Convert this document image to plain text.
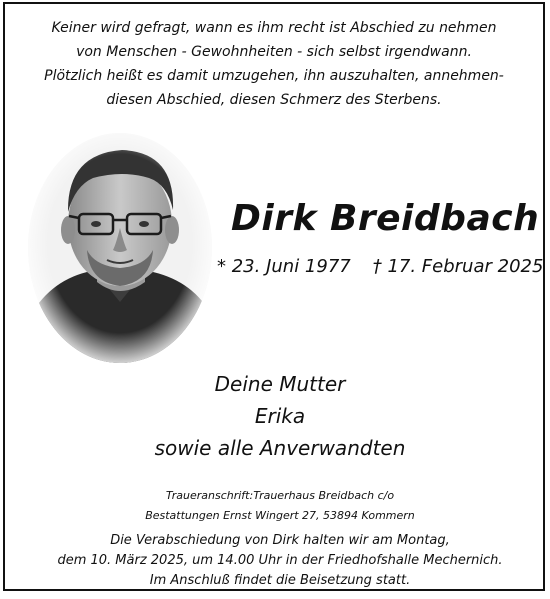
Keiner wird gefragt, wann es ihm recht ist Abschied zu nehmen
von Menschen - Gewohnheiten - sich selbst irgendwann.
Plötzlich heißt es damit umzugehen, ihn auszuhalten, annehmen-
diesen Abschied, diesen Schmerz des Sterbens.
Dirk Breidbach
* 23. Juni 1977 † 17. Februar 2025
Deine Mutter
Erika
sowie alle Anverwandten
Traueranschrift:Trauerhaus Breidbach c/o
Bestattungen Ernst Wingert 27, 53894 Kommern
Die Verabschiedung von Dirk halten wir am Montag,
dem 10. März 2025, um 14.00 Uhr in der Friedhofshalle Mechernich.
Im Anschluß findet die Beisetzung statt.
